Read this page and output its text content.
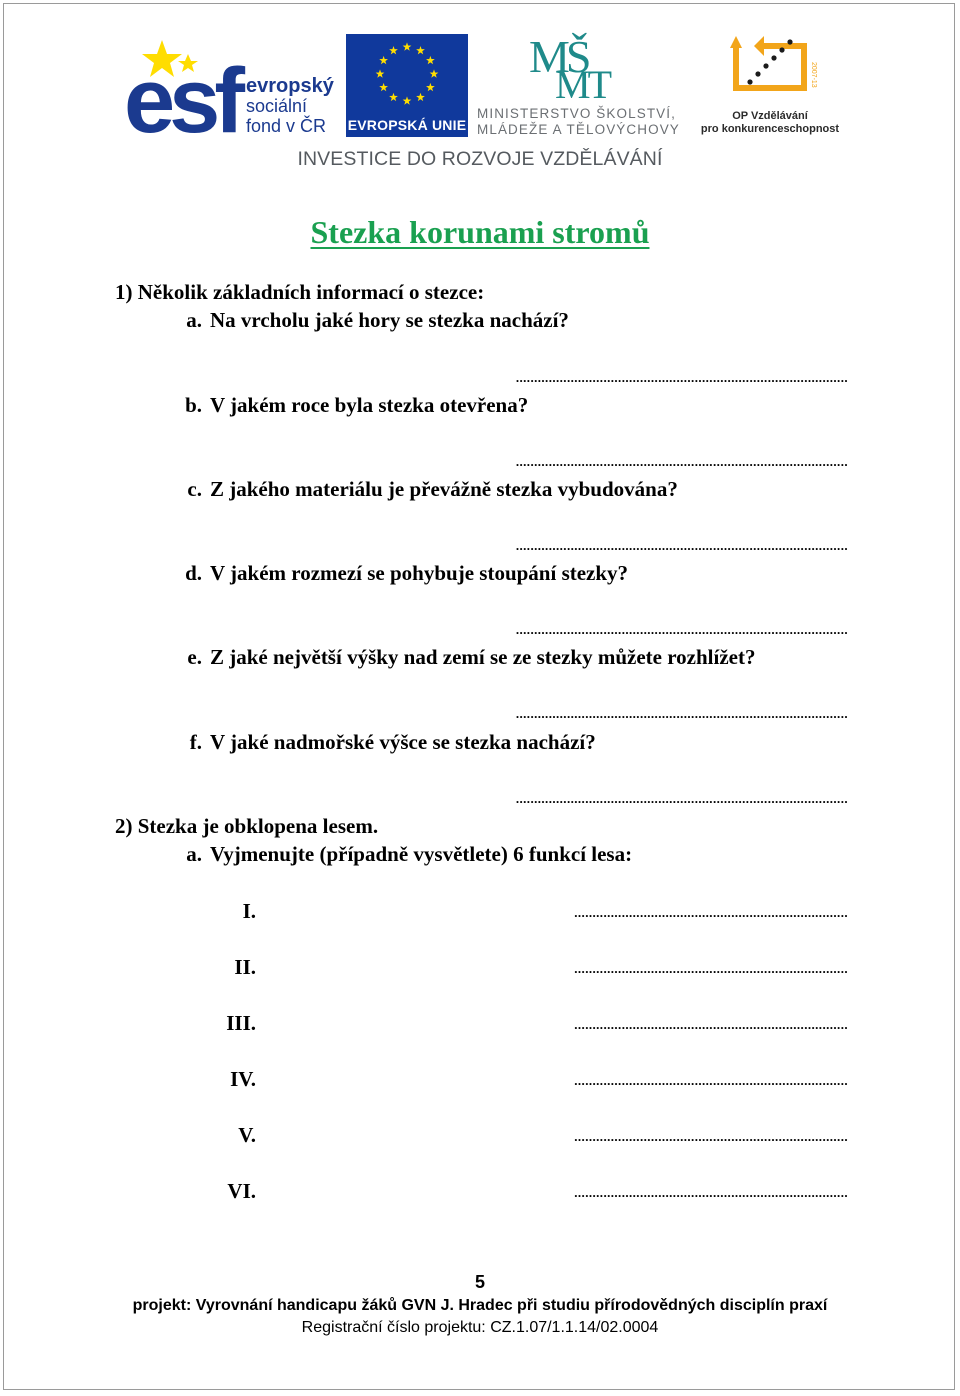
esf evropský
sociální
fond v ČR EVROPSKÁ UNIE
MŠ
MT
MINISTERSTVO ŠKOLSTVÍ,
MLÁDEŽE A TĚLOVÝCHOVY
2007-13
OP Vzdělávání
pro konkurenceschopnost
INVESTICE DO ROZVOJE VZDĚLÁVÁNÍ
Stezka korunami stromů
1) Několik základních informací o stezce:
a. Na vrcholu jaké hory se stezka nachází?
...........................................................................................
b. V jakém roce byla stezka otevřena?
...........................................................................................
c. Z jakého materiálu je převážně stezka vybudována?
...........................................................................................
d. V jakém rozmezí se pohybuje stoupání stezky?
...........................................................................................
e. Z jaké největší výšky nad zemí se ze stezky můžete rozhlížet?
...........................................................................................
f. V jaké nadmořské výšce se stezka nachází?
...........................................................................................
2) Stezka je obklopena lesem.
a. Vyjmenujte (případně vysvětlete) 6 funkcí lesa:
I.	...........................................................................
II.	...........................................................................
III.	...........................................................................
IV.	...........................................................................
V.	...........................................................................
VI.	...........................................................................
5
projekt: Vyrovnání handicapu žáků GVN J. Hradec při studiu přírodovědných disciplín praxí
Registrační číslo projektu: CZ.1.07/1.1.14/02.0004
